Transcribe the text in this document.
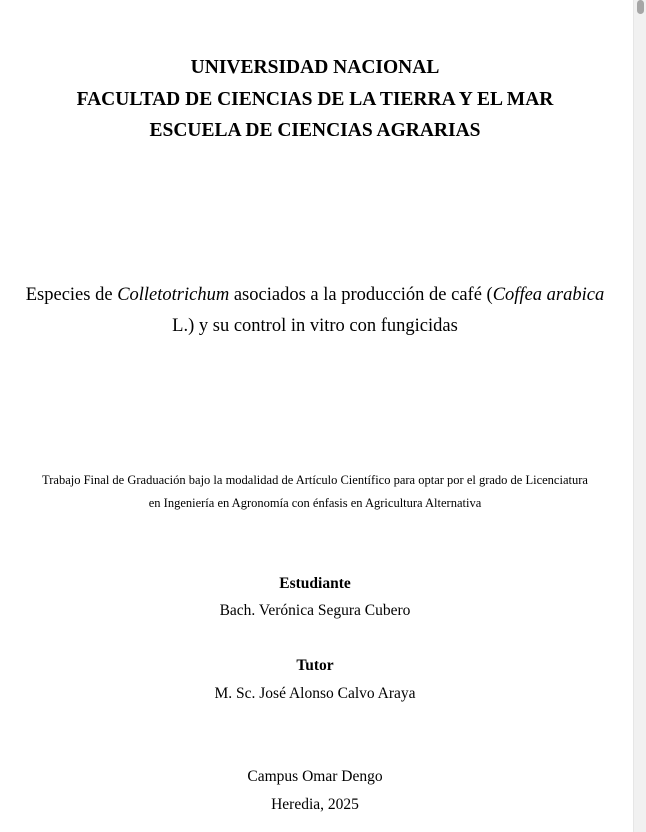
UNIVERSIDAD NACIONAL
FACULTAD DE CIENCIAS DE LA TIERRA Y EL MAR
ESCUELA DE CIENCIAS AGRARIAS
Especies de Colletotrichum asociados a la producción de café (Coffea arabica
L.) y su control in vitro con fungicidas
Trabajo Final de Graduación bajo la modalidad de Artículo Científico para optar por el grado de Licenciatura
en Ingeniería en Agronomía con énfasis en Agricultura Alternativa
Estudiante
Bach. Verónica Segura Cubero
Tutor
M. Sc. José Alonso Calvo Araya
Campus Omar Dengo
Heredia, 2025
